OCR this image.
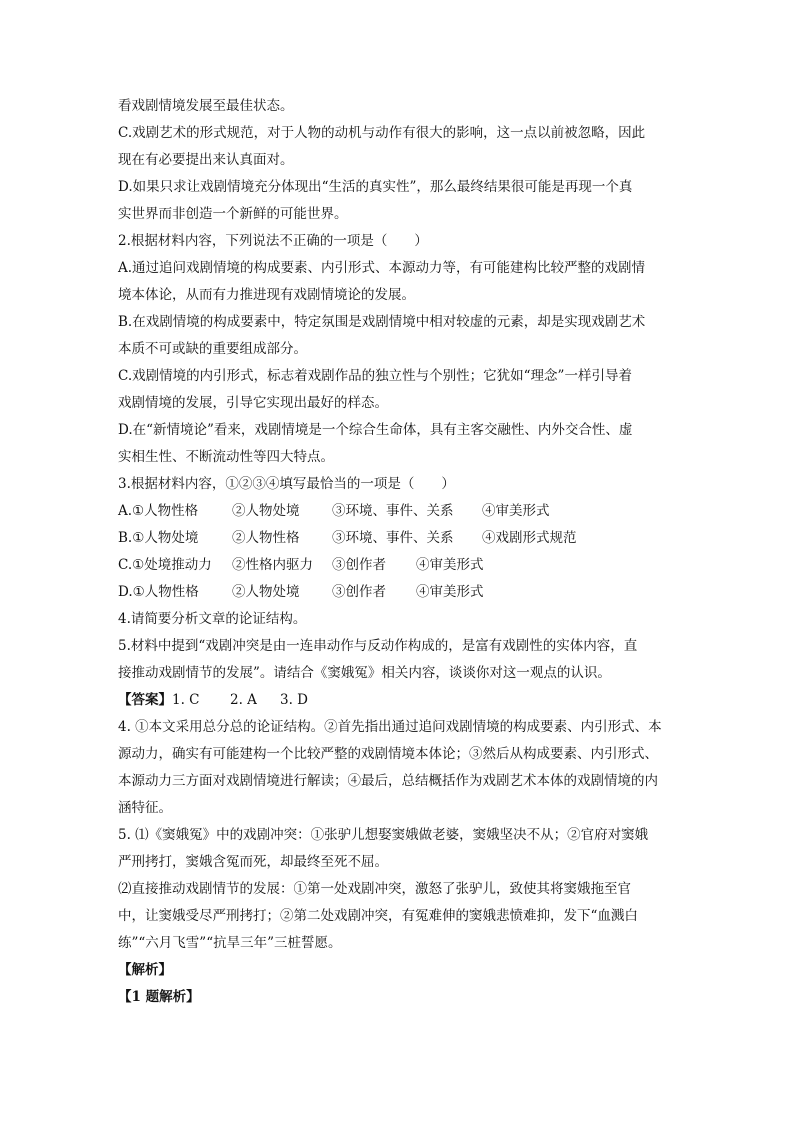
看戏剧情境发展至最佳状态。

C.戏剧艺术的形式规范，对于人物的动机与动作有很大的影响，这一点以前被忽略，因此

现在有必要提出来认真面对。

D.如果只求让戏剧情境充分体现出“生活的真实性”，那么最终结果很可能是再现一个真

实世界而非创造一个新鲜的可能世界。

2.根据材料内容，下列说法不正确的一项是（　　）

A.通过追问戏剧情境的构成要素、内引形式、本源动力等，有可能建构比较严整的戏剧情

境本体论，从而有力推进现有戏剧情境论的发展。

B.在戏剧情境的构成要素中，特定氛围是戏剧情境中相对较虚的元素，却是实现戏剧艺术

本质不可或缺的重要组成部分。

C.戏剧情境的内引形式，标志着戏剧作品的独立性与个别性；它犹如“理念”一样引导着

戏剧情境的发展，引导它实现出最好的样态。

D.在“新情境论”看来，戏剧情境是一个综合生命体，具有主客交融性、内外交合性、虚

实相生性、不断流动性等四大特点。

3.根据材料内容，①②③④填写最恰当的一项是（　　）

A.①人物性格	②人物处境 ③环境、事件、关系 ④审美形式

B.①人物处境 ②人物性格 ③环境、事件、关系 ④戏剧形式规范

C.①处境推动力 ②性格内驱力 ③创作者 ④审美形式

D.①人物性格 ②人物处境 ③创作者 ④审美形式

4.请简要分析文章的论证结构。

5.材料中提到“戏剧冲突是由一连串动作与反动作构成的，是富有戏剧性的实体内容，直

接推动戏剧情节的发展”。请结合《窦娥冤》相关内容，谈谈你对这一观点的认识。

【答案】1. C 2. A 3. D

4. ①本文采用总分总的论证结构。②首先指出通过追问戏剧情境的构成要素、内引形式、本

源动力，确实有可能建构一个比较严整的戏剧情境本体论；③然后从构成要素、内引形式、

本源动力三方面对戏剧情境进行解读；④最后，总结概括作为戏剧艺术本体的戏剧情境的内

涵特征。

5. ⑴《窦娥冤》中的戏剧冲突：①张驴儿想娶窦娥做老婆，窦娥坚决不从；②官府对窦娥

严刑拷打，窦娥含冤而死，却最终至死不屈。

⑵直接推动戏剧情节的发展：①第一处戏剧冲突，激怒了张驴儿，致使其将窦娥拖至官

中，让窦娥受尽严刑拷打；②第二处戏剧冲突，有冤难伸的窦娥悲愤难抑，发下“血溅白

练”“六月飞雪”“抗旱三年”三桩誓愿。

【解析】

【1 题解析】
